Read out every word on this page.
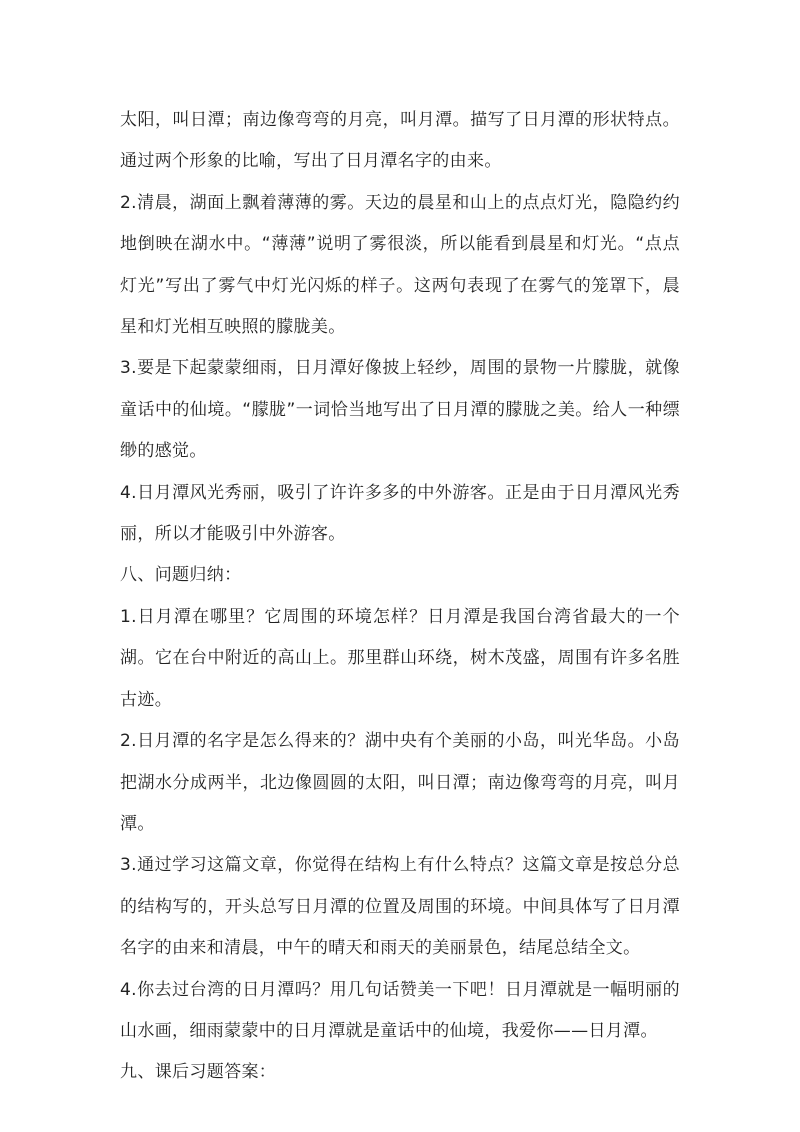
太阳，叫日潭；南边像弯弯的月亮，叫月潭。描写了日月潭的形状特点。通过两个形象的比喻，写出了日月潭名字的由来。

2.清晨，湖面上飘着薄薄的雾。天边的晨星和山上的点点灯光，隐隐约约地倒映在湖水中。“薄薄”说明了雾很淡，所以能看到晨星和灯光。“点点灯光”写出了雾气中灯光闪烁的样子。这两句表现了在雾气的笼罩下，晨星和灯光相互映照的朦胧美。

3.要是下起蒙蒙细雨，日月潭好像披上轻纱，周围的景物一片朦胧，就像童话中的仙境。“朦胧”一词恰当地写出了日月潭的朦胧之美。给人一种缥缈的感觉。

4.日月潭风光秀丽，吸引了许许多多的中外游客。正是由于日月潭风光秀丽，所以才能吸引中外游客。

八、问题归纳：

1.日月潭在哪里？它周围的环境怎样？日月潭是我国台湾省最大的一个湖。它在台中附近的高山上。那里群山环绕，树木茂盛，周围有许多名胜古迹。

2.日月潭的名字是怎么得来的？湖中央有个美丽的小岛，叫光华岛。小岛把湖水分成两半，北边像圆圆的太阳，叫日潭；南边像弯弯的月亮，叫月潭。

3.通过学习这篇文章，你觉得在结构上有什么特点？这篇文章是按总分总的结构写的，开头总写日月潭的位置及周围的环境。中间具体写了日月潭名字的由来和清晨，中午的晴天和雨天的美丽景色，结尾总结全文。

4.你去过台湾的日月潭吗？用几句话赞美一下吧！日月潭就是一幅明丽的山水画，细雨蒙蒙中的日月潭就是童话中的仙境，我爱你——日月潭。

九、课后习题答案：
